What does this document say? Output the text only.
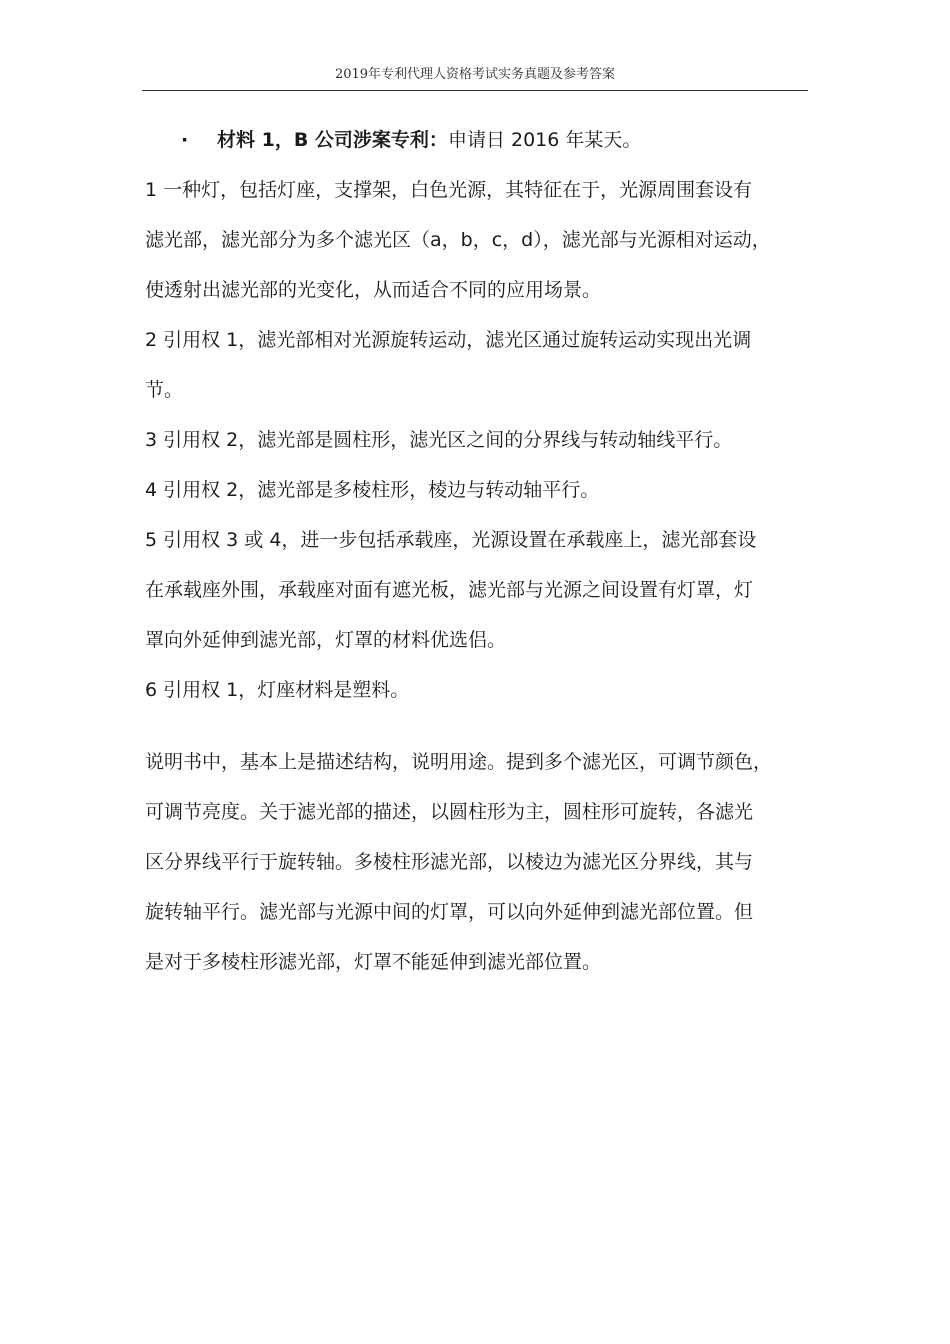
2019年专利代理人资格考试实务真题及参考答案
· 材料 1，B 公司涉案专利：申请日 2016 年某天。
1 一种灯，包括灯座，支撑架，白色光源，其特征在于，光源周围套设有
滤光部，滤光部分为多个滤光区（a，b，c，d），滤光部与光源相对运动，
使透射出滤光部的光变化，从而适合不同的应用场景。
2 引用权 1，滤光部相对光源旋转运动，滤光区通过旋转运动实现出光调
节。
3 引用权 2，滤光部是圆柱形，滤光区之间的分界线与转动轴线平行。
4 引用权 2，滤光部是多棱柱形，棱边与转动轴平行。
5 引用权 3 或 4，进一步包括承载座，光源设置在承载座上，滤光部套设
在承载座外围，承载座对面有遮光板，滤光部与光源之间设置有灯罩，灯
罩向外延伸到滤光部，灯罩的材料优选侣。
6 引用权 1，灯座材料是塑料。
说明书中，基本上是描述结构，说明用途。提到多个滤光区，可调节颜色，
可调节亮度。关于滤光部的描述，以圆柱形为主，圆柱形可旋转，各滤光
区分界线平行于旋转轴。多棱柱形滤光部，以棱边为滤光区分界线，其与
旋转轴平行。滤光部与光源中间的灯罩，可以向外延伸到滤光部位置。但
是对于多棱柱形滤光部，灯罩不能延伸到滤光部位置。
